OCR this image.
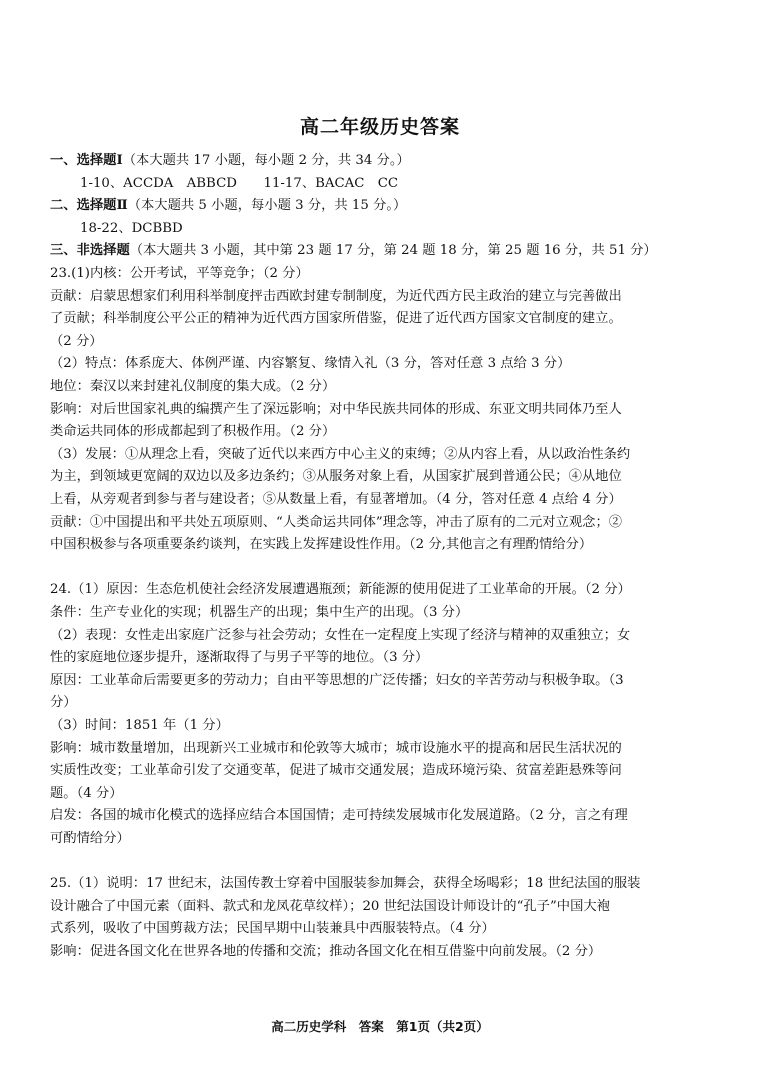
高二年级历史答案
一、选择题Ⅰ（本大题共 17 小题，每小题 2 分，共 34 分。）
1-10、ACCDA　ABBCD　　11-17、BACAC　CC
二、选择题Ⅱ（本大题共 5 小题，每小题 3 分，共 15 分。）
18-22、DCBBD
三、非选择题（本大题共 3 小题，其中第 23 题 17 分，第 24 题 18 分，第 25 题 16 分，共 51 分）
23.(1)内核：公开考试，平等竞争；（2 分）
贡献：启蒙思想家们利用科举制度抨击西欧封建专制制度，为近代西方民主政治的建立与完善做出
了贡献；科举制度公平公正的精神为近代西方国家所借鉴，促进了近代西方国家文官制度的建立。
（2 分）
（2）特点：体系庞大、体例严谨、内容繁复、缘情入礼（3 分，答对任意 3 点给 3 分）
地位：秦汉以来封建礼仪制度的集大成。（2 分）
影响：对后世国家礼典的编撰产生了深远影响；对中华民族共同体的形成、东亚文明共同体乃至人
类命运共同体的形成都起到了积极作用。（2 分）
（3）发展：①从理念上看，突破了近代以来西方中心主义的束缚；②从内容上看，从以政治性条约
为主，到领域更宽阔的双边以及多边条约；③从服务对象上看，从国家扩展到普通公民；④从地位
上看，从旁观者到参与者与建设者；⑤从数量上看，有显著增加。（4 分，答对任意 4 点给 4 分）
贡献：①中国提出和平共处五项原则、“人类命运共同体”理念等，冲击了原有的二元对立观念；②
中国积极参与各项重要条约谈判，在实践上发挥建设性作用。（2 分,其他言之有理酌情给分）
24.（1）原因：生态危机使社会经济发展遭遇瓶颈；新能源的使用促进了工业革命的开展。（2 分）
条件：生产专业化的实现；机器生产的出现；集中生产的出现。（3 分）
（2）表现：女性走出家庭广泛参与社会劳动；女性在一定程度上实现了经济与精神的双重独立；女
性的家庭地位逐步提升，逐渐取得了与男子平等的地位。（3 分）
原因：工业革命后需要更多的劳动力；自由平等思想的广泛传播；妇女的辛苦劳动与积极争取。（3
分）
（3）时间：1851 年（1 分）
影响：城市数量增加，出现新兴工业城市和伦敦等大城市；城市设施水平的提高和居民生活状况的
实质性改变；工业革命引发了交通变革，促进了城市交通发展；造成环境污染、贫富差距悬殊等问
题。（4 分）
启发：各国的城市化模式的选择应结合本国国情；走可持续发展城市化发展道路。（2 分，言之有理
可酌情给分）
25.（1）说明：17 世纪末，法国传教士穿着中国服装参加舞会，获得全场喝彩；18 世纪法国的服装
设计融合了中国元素（面料、款式和龙凤花草纹样）；20 世纪法国设计师设计的“孔子”中国大袍
式系列，吸收了中国剪裁方法；民国早期中山装兼具中西服装特点。（4 分）
影响：促进各国文化在世界各地的传播和交流；推动各国文化在相互借鉴中向前发展。（2 分）
高二历史学科　答案　第1页（共2页）
